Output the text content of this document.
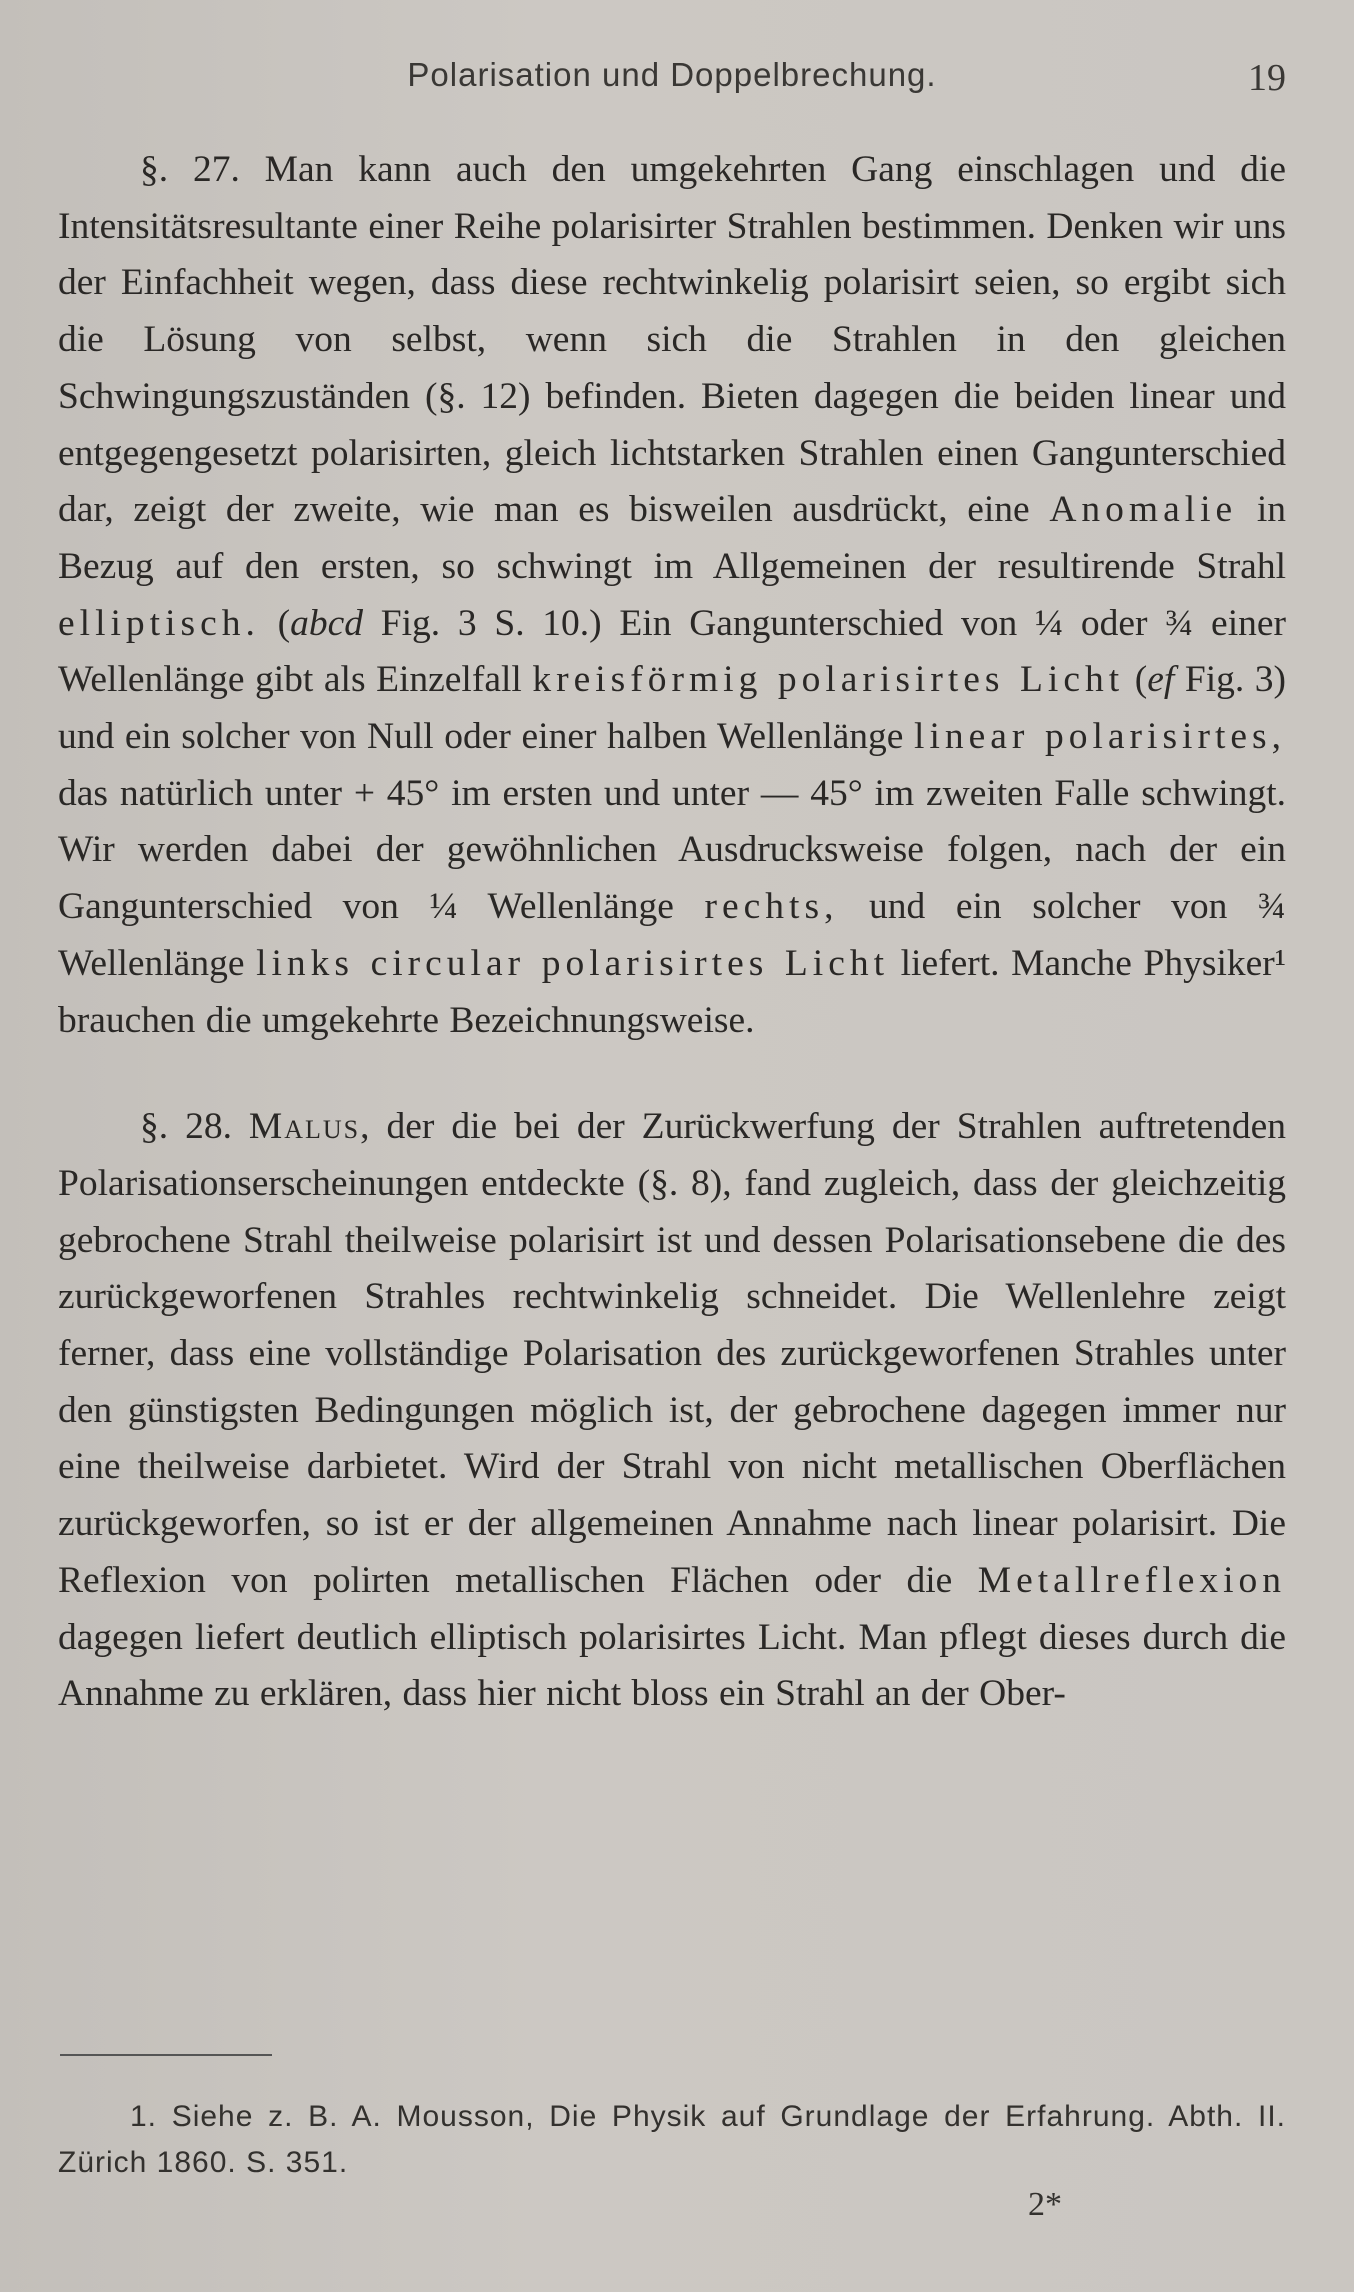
Polarisation und Doppelbrechung.	19

§. 27. Man kann auch den umgekehrten Gang einschlagen und die Intensitätsresultante einer Reihe polarisirter Strahlen bestimmen. Denken wir uns der Einfachheit wegen, dass diese rechtwinkelig polarisirt seien, so ergibt sich die Lösung von selbst, wenn sich die Strahlen in den gleichen Schwingungszuständen (§. 12) befinden. Bieten dagegen die beiden linear und entgegengesetzt polarisirten, gleich lichtstarken Strahlen einen Gangunterschied dar, zeigt der zweite, wie man es bisweilen ausdrückt, eine Anomalie in Bezug auf den ersten, so schwingt im Allgemeinen der resultirende Strahl elliptisch. (abcd Fig. 3 S. 10.) Ein Gangunterschied von ¼ oder ¾ einer Wellenlänge gibt als Einzelfall kreisförmig polarisirtes Licht (ef Fig. 3) und ein solcher von Null oder einer halben Wellenlänge linear polarisirtes, das natürlich unter + 45° im ersten und unter — 45° im zweiten Falle schwingt. Wir werden dabei der gewöhnlichen Ausdrucksweise folgen, nach der ein Gangunterschied von ¼ Wellenlänge rechts, und ein solcher von ¾ Wellenlänge links circular polarisirtes Licht liefert. Manche Physiker¹ brauchen die umgekehrte Bezeichnungsweise.

§. 28. Malus, der die bei der Zurückwerfung der Strahlen auftretenden Polarisationserscheinungen entdeckte (§. 8), fand zugleich, dass der gleichzeitig gebrochene Strahl theilweise polarisirt ist und dessen Polarisationsebene die des zurückgeworfenen Strahles rechtwinkelig schneidet. Die Wellenlehre zeigt ferner, dass eine vollständige Polarisation des zurückgeworfenen Strahles unter den günstigsten Bedingungen möglich ist, der gebrochene dagegen immer nur eine theilweise darbietet. Wird der Strahl von nicht metallischen Oberflächen zurückgeworfen, so ist er der allgemeinen Annahme nach linear polarisirt. Die Reflexion von polirten metallischen Flächen oder die Metallreflexion dagegen liefert deutlich elliptisch polarisirtes Licht. Man pflegt dieses durch die Annahme zu erklären, dass hier nicht bloss ein Strahl an der Ober-

1. Siehe z. B. A. Mousson, Die Physik auf Grundlage der Erfahrung. Abth. II. Zürich 1860. S. 351.

2*
